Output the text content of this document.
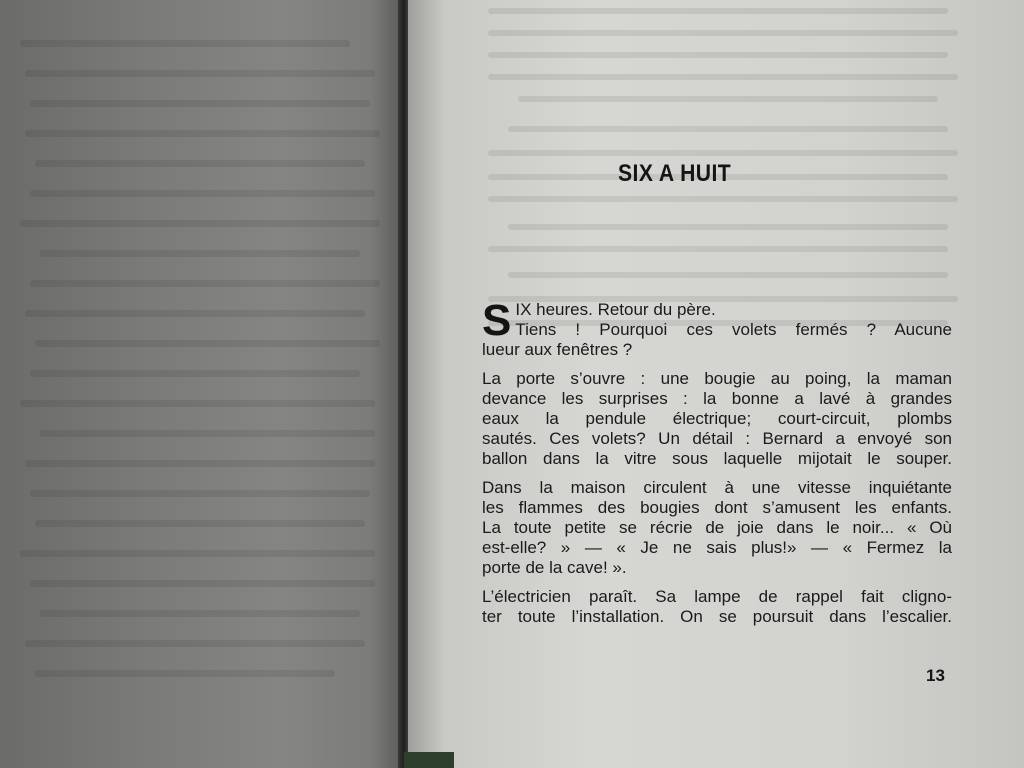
SIX A HUIT
S IX heures. Retour du père.
Tiens ! Pourquoi ces volets fermés ? Aucune
lueur aux fenêtres ?
La porte s’ouvre : une bougie au poing, la maman
devance les surprises : la bonne a lavé à grandes
eaux la pendule électrique; court-circuit, plombs
sautés. Ces volets? Un détail : Bernard a envoyé son
ballon dans la vitre sous laquelle mijotait le souper.
Dans la maison circulent à une vitesse inquiétante
les flammes des bougies dont s’amusent les enfants.
La toute petite se récrie de joie dans le noir... « Où
est-elle? » — « Je ne sais plus!» — « Fermez la
porte de la cave! ».
L’électricien paraît. Sa lampe de rappel fait cligno-
ter toute l’installation. On se poursuit dans l’escalier.
13
